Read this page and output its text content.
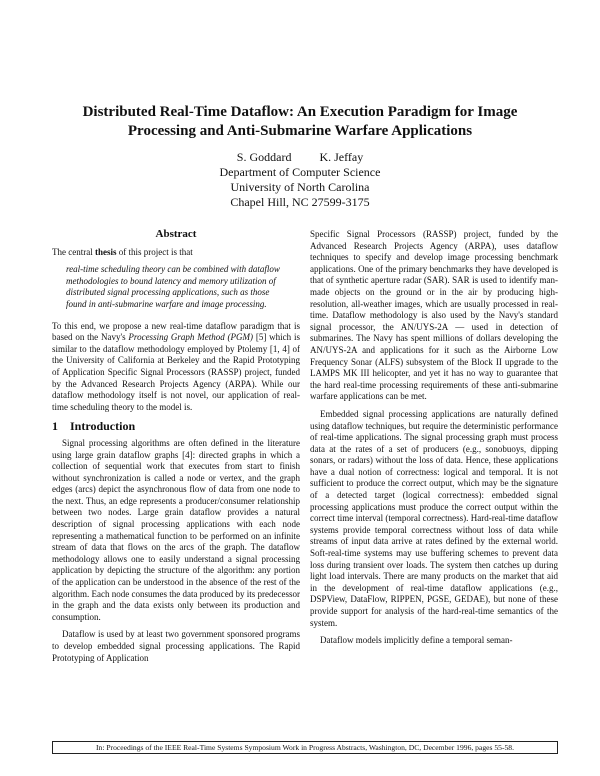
Distributed Real-Time Dataflow: An Execution Paradigm for Image
Processing and Anti-Submarine Warfare Applications
S. Goddard K. Jeffay
Department of Computer Science
University of North Carolina
Chapel Hill, NC 27599-3175
Abstract

The central thesis of this project is that

real-time scheduling theory can be combined with dataflow methodologies to bound latency and memory utilization of distributed signal processing applications, such as those found in anti-submarine warfare and image processing.

To this end, we propose a new real-time dataflow paradigm that is based on the Navy's Processing Graph Method (PGM) [5] which is similar to the dataflow methodology employed by Ptolemy [1, 4] of the University of California at Berkeley and the Rapid Prototyping of Application Specific Signal Processors (RASSP) project, funded by the Advanced Research Projects Agency (ARPA). While our dataflow methodology itself is not novel, our application of real-time scheduling theory to the model is.

1 Introduction

Signal processing algorithms are often defined in the literature using large grain dataflow graphs [4]: directed graphs in which a collection of sequential work that executes from start to finish without synchronization is called a node or vertex, and the graph edges (arcs) depict the asynchronous flow of data from one node to the next. Thus, an edge represents a producer/consumer relationship between two nodes. Large grain dataflow provides a natural description of signal processing applications with each node representing a mathematical function to be performed on an infinite stream of data that flows on the arcs of the graph. The dataflow methodology allows one to easily understand a signal processing application by depicting the structure of the algorithm: any portion of the application can be understood in the absence of the rest of the algorithm. Each node consumes the data produced by its predecessor in the graph and the data exists only between its production and consumption.

Dataflow is used by at least two government sponsored programs to develop embedded signal processing applications. The Rapid Prototyping of Application

Specific Signal Processors (RASSP) project, funded by the Advanced Research Projects Agency (ARPA), uses dataflow techniques to specify and develop image processing benchmark applications. One of the primary benchmarks they have developed is that of synthetic aperture radar (SAR). SAR is used to identify man-made objects on the ground or in the air by producing high-resolution, all-weather images, which are usually processed in real-time. Dataflow methodology is also used by the Navy's standard signal processor, the AN/UYS-2A — used in detection of submarines. The Navy has spent millions of dollars developing the AN/UYS-2A and applications for it such as the Airborne Low Frequency Sonar (ALFS) subsystem of the Block II upgrade to the LAMPS MK III helicopter, and yet it has no way to guarantee that the hard real-time processing requirements of these anti-submarine warfare applications can be met.

Embedded signal processing applications are naturally defined using dataflow techniques, but require the deterministic performance of real-time applications. The signal processing graph must process data at the rates of a set of producers (e.g., sonobuoys, dipping sonars, or radars) without the loss of data. Hence, these applications have a dual notion of correctness: logical and temporal. It is not sufficient to produce the correct output, which may be the signature of a detected target (logical correctness): embedded signal processing applications must produce the correct output within the correct time interval (temporal correctness). Hard-real-time dataflow systems provide temporal correctness without loss of data while streams of input data arrive at rates defined by the external world. Soft-real-time systems may use buffering schemes to prevent data loss during transient over loads. The system then catches up during light load intervals. There are many products on the market that aid in the development of real-time dataflow applications (e.g., DSPView, DataFlow, RIPPEN, PGSE, GEDAE), but none of these provide support for analysis of the hard-real-time semantics of the system.

Dataflow models implicitly define a temporal seman-

In: Proceedings of the IEEE Real-Time Systems Symposium Work in Progress Abstracts, Washington, DC, December 1996, pages 55-58.
